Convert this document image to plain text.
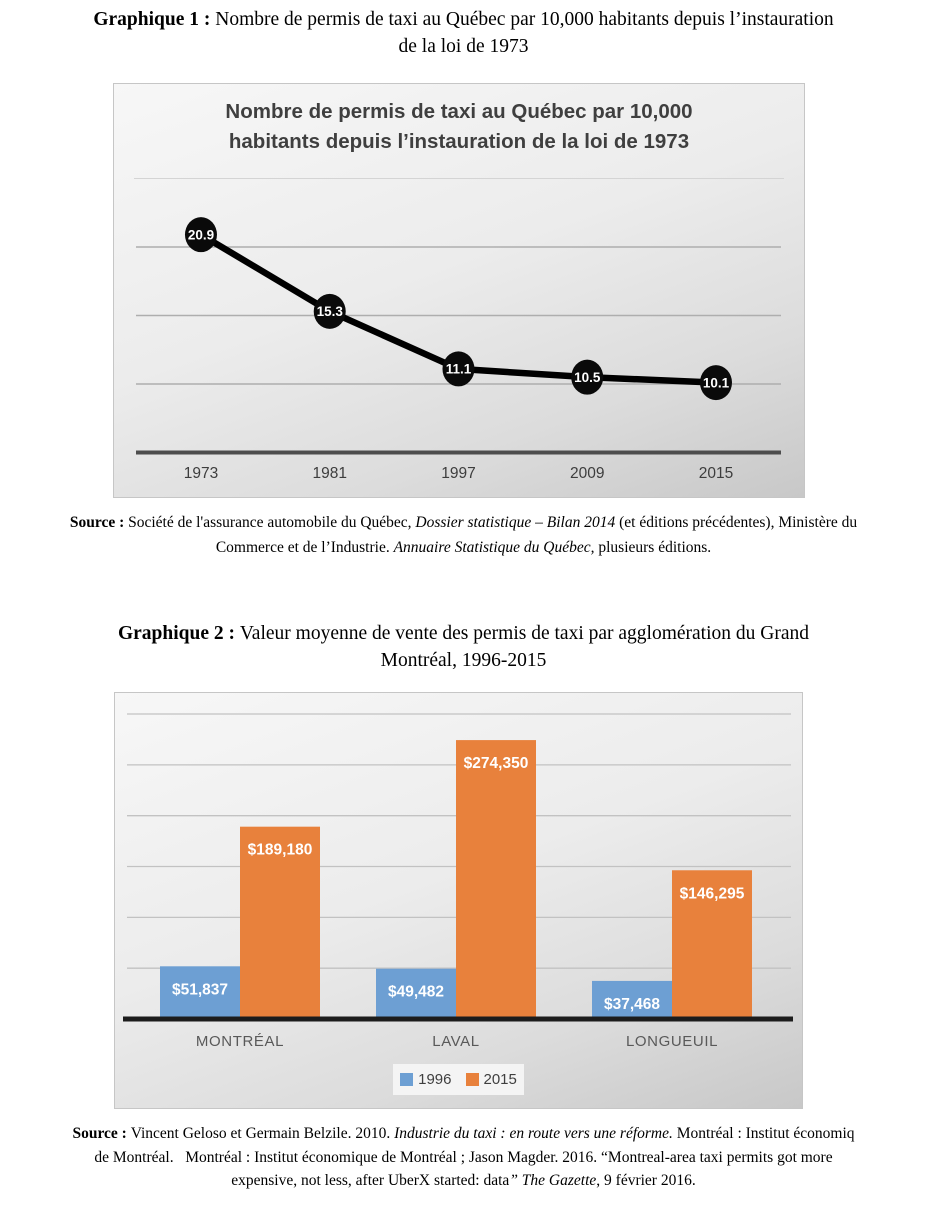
Graphique 1 : Nombre de permis de taxi au Québec par 10,000 habitants depuis l’instauration
de la loi de 1973

Nombre de permis de taxi au Québec par 10,000
habitants depuis l’instauration de la loi de 1973
20.9
15.3
11.1
10.5	10.1
1973	1981	1997	2009	2015

Source : Société de l'assurance automobile du Québec, Dossier statistique – Bilan 2014 (et éditions précédentes), Ministère du
Commerce et de l’Industrie. Annuaire Statistique du Québec, plusieurs éditions.

Graphique 2 : Valeur moyenne de vente des permis de taxi par agglomération du Grand
Montréal, 1996-2015

$51,837	$49,482
$37,468
$189,180
$274,350
$146,295
MONTRÉAL	LAVAL	LONGUEUIL
1996 2015

Source : Vincent Geloso et Germain Belzile. 2010. Industrie du taxi : en route vers une réforme. Montréal : Institut économiq
de Montréal.   Montréal : Institut économique de Montréal ; Jason Magder. 2016. “Montreal-area taxi permits got more
expensive, not less, after UberX started: data” The Gazette, 9 février 2016.
